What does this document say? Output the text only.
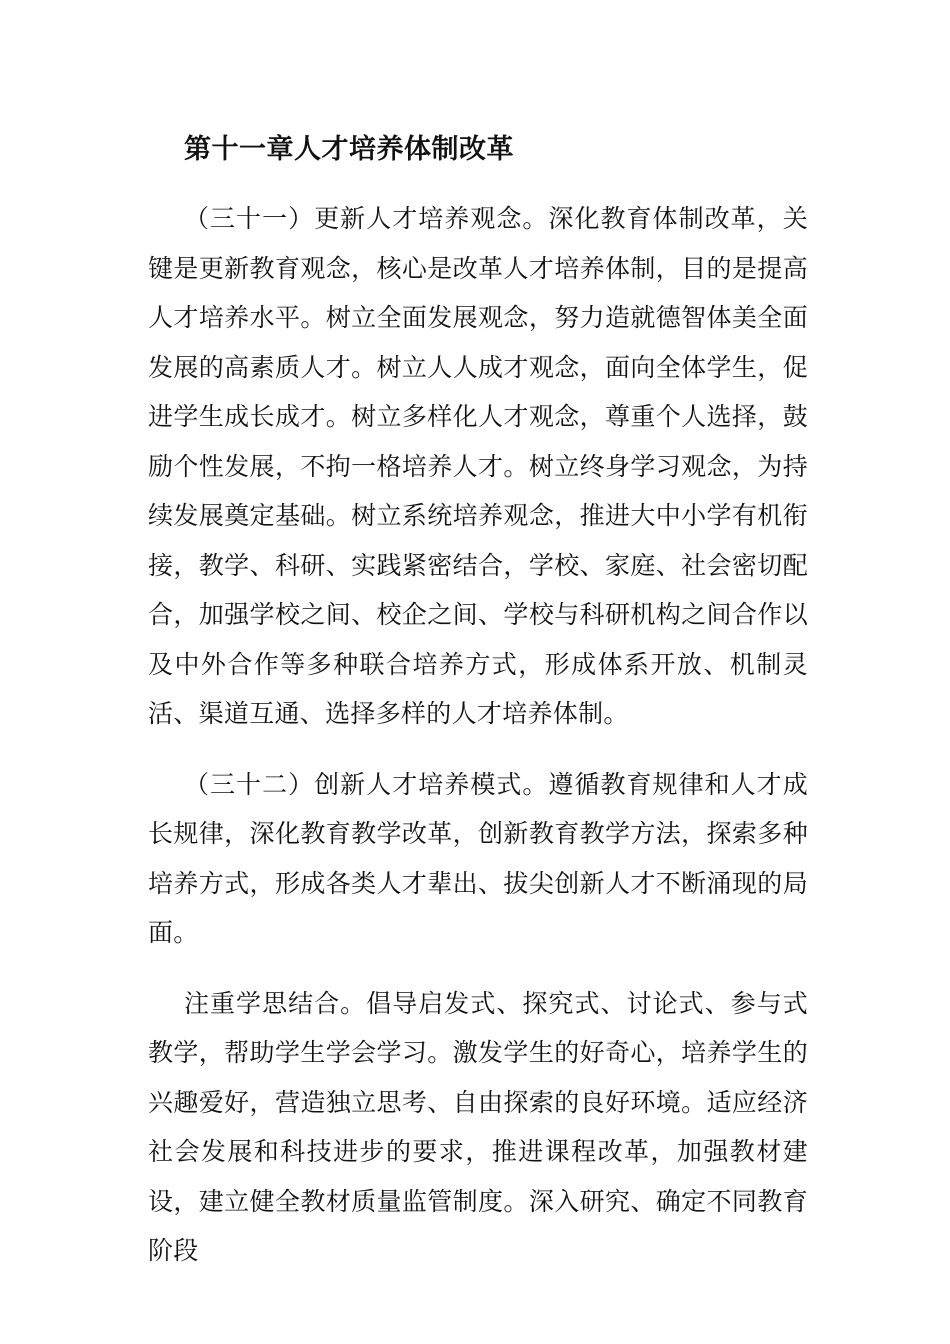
第十一章人才培养体制改革

（三十一）更新人才培养观念。深化教育体制改革，关键是更新教育观念，核心是改革人才培养体制，目的是提高人才培养水平。树立全面发展观念，努力造就德智体美全面发展的高素质人才。树立人人成才观念，面向全体学生，促进学生成长成才。树立多样化人才观念，尊重个人选择，鼓励个性发展，不拘一格培养人才。树立终身学习观念，为持续发展奠定基础。树立系统培养观念，推进大中小学有机衔接，教学、科研、实践紧密结合，学校、家庭、社会密切配合，加强学校之间、校企之间、学校与科研机构之间合作以及中外合作等多种联合培养方式，形成体系开放、机制灵活、渠道互通、选择多样的人才培养体制。

（三十二）创新人才培养模式。遵循教育规律和人才成长规律，深化教育教学改革，创新教育教学方法，探索多种培养方式，形成各类人才辈出、拔尖创新人才不断涌现的局面。

注重学思结合。倡导启发式、探究式、讨论式、参与式教学，帮助学生学会学习。激发学生的好奇心，培养学生的兴趣爱好，营造独立思考、自由探索的良好环境。适应经济社会发展和科技进步的要求，推进课程改革，加强教材建设，建立健全教材质量监管制度。深入研究、确定不同教育阶段
